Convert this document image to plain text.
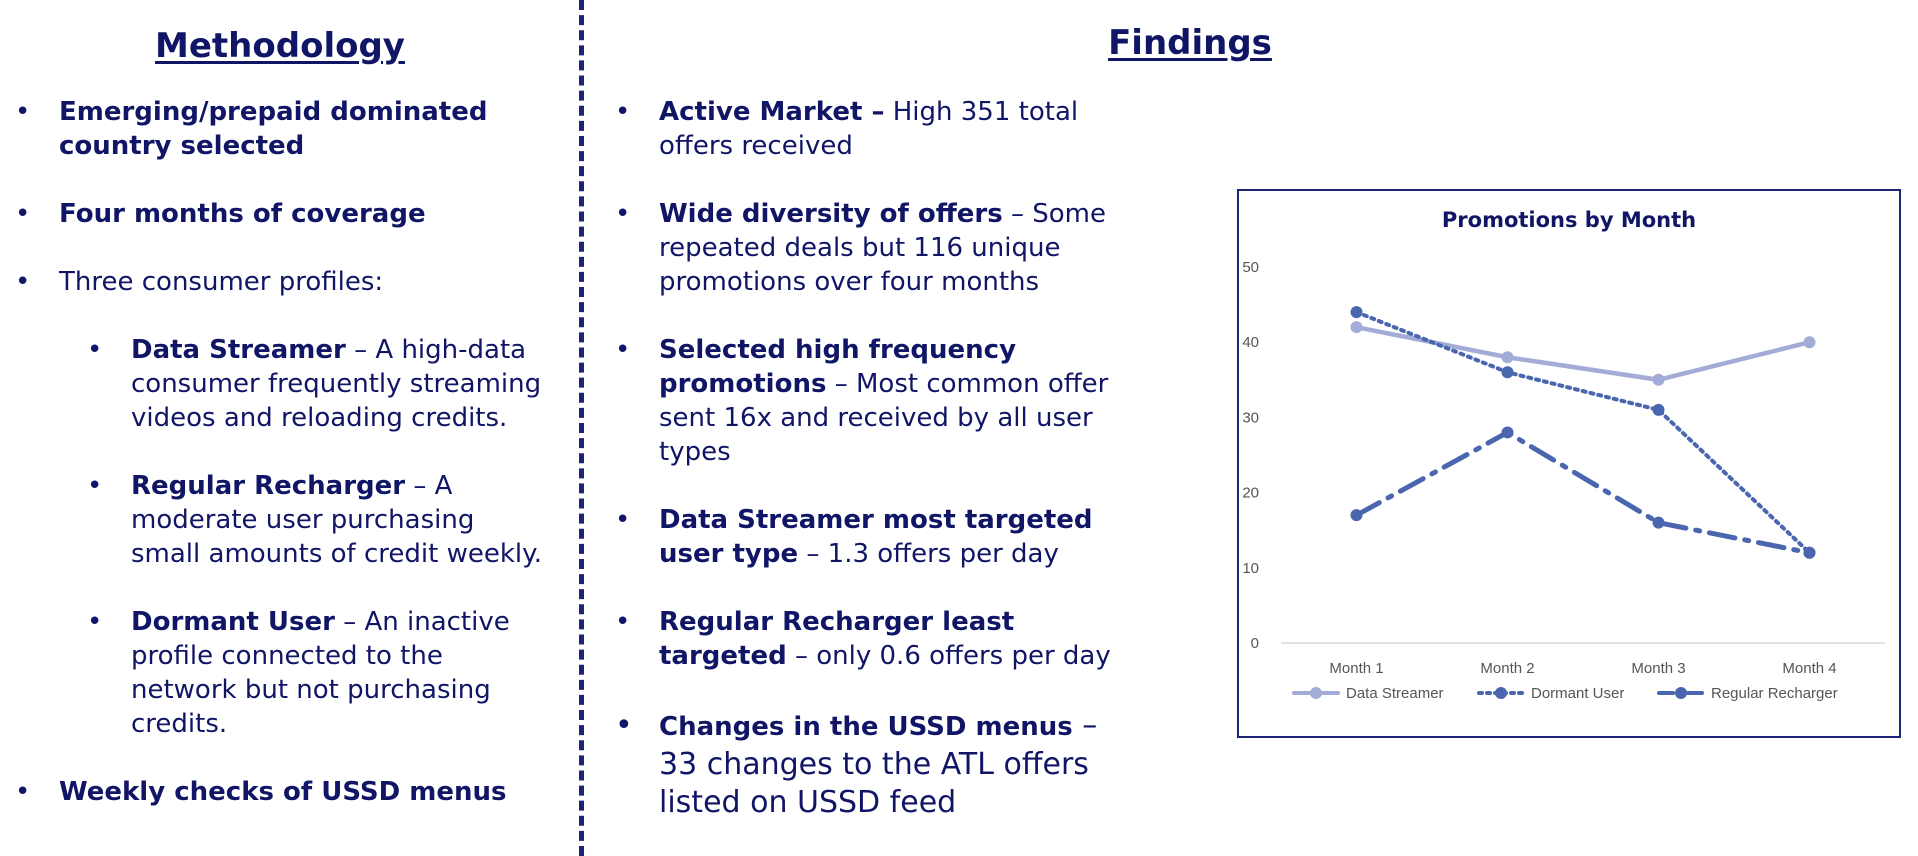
Methodology	Findings
• Emerging/prepaid dominated country selected
• Four months of coverage
• Three consumer profiles:
• Data Streamer – A high-data consumer frequently streaming videos and reloading credits.
• Regular Recharger – A moderate user purchasing small amounts of credit weekly.
• Dormant User – An inactive profile connected to the network but not purchasing credits.
• Weekly checks of USSD menus
• Active Market – High 351 total offers received
• Wide diversity of offers – Some repeated deals but 116 unique promotions over four months
• Selected high frequency promotions – Most common offer sent 16x and received by all user types
• Data Streamer most targeted user type – 1.3 offers per day
• Regular Recharger least targeted – only 0.6 offers per day
• Changes in the USSD menus – 33 changes to the ATL offers listed on USSD feed
Promotions by Month
0
10
20
30
40
50
Month 1	Month 2	Month 3	Month 4
Data Streamer	Dormant User	Regular Recharger
